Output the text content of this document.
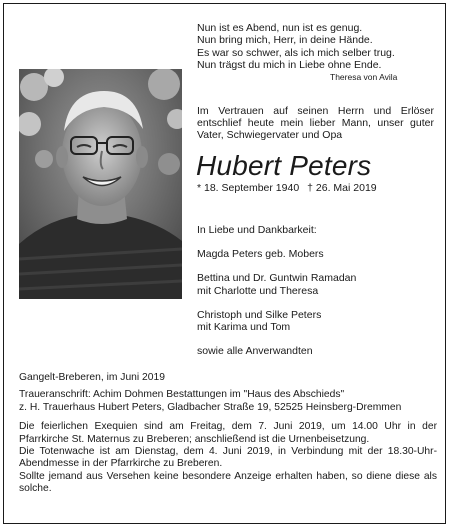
Nun ist es Abend, nun ist es genug.
Nun bring mich, Herr, in deine Hände.
Es war so schwer, als ich mich selber trug.
Nun trägst du mich in Liebe ohne Ende.
Theresa von Avila
Im Vertrauen auf seinen Herrn und Erlöser entschlief heute mein lieber Mann, unser guter Vater, Schwiegervater und Opa
Hubert Peters
* 18. September 1940 † 26. Mai 2019
In Liebe und Dankbarkeit:
Magda Peters geb. Mobers
Bettina und Dr. Guntwin Ramadan
mit Charlotte und Theresa
Christoph und Silke Peters
mit Karima und Tom
sowie alle Anverwandten

Gangelt-Breberen, im Juni 2019

Traueranschrift: Achim Dohmen Bestattungen im "Haus des Abschieds"

z. H. Trauerhaus Hubert Peters, Gladbacher Straße 19, 52525 Heinsberg-Dremmen

Die feierlichen Exequien sind am Freitag, dem 7. Juni 2019, um 14.00 Uhr in der Pfarrkirche St. Maternus zu Breberen; anschließend ist die Urnenbeisetzung.

Die Totenwache ist am Dienstag, dem 4. Juni 2019, in Verbindung mit der 18.30-Uhr-Abendmesse in der Pfarrkirche zu Breberen.

Sollte jemand aus Versehen keine besondere Anzeige erhalten haben, so diene diese als solche.
